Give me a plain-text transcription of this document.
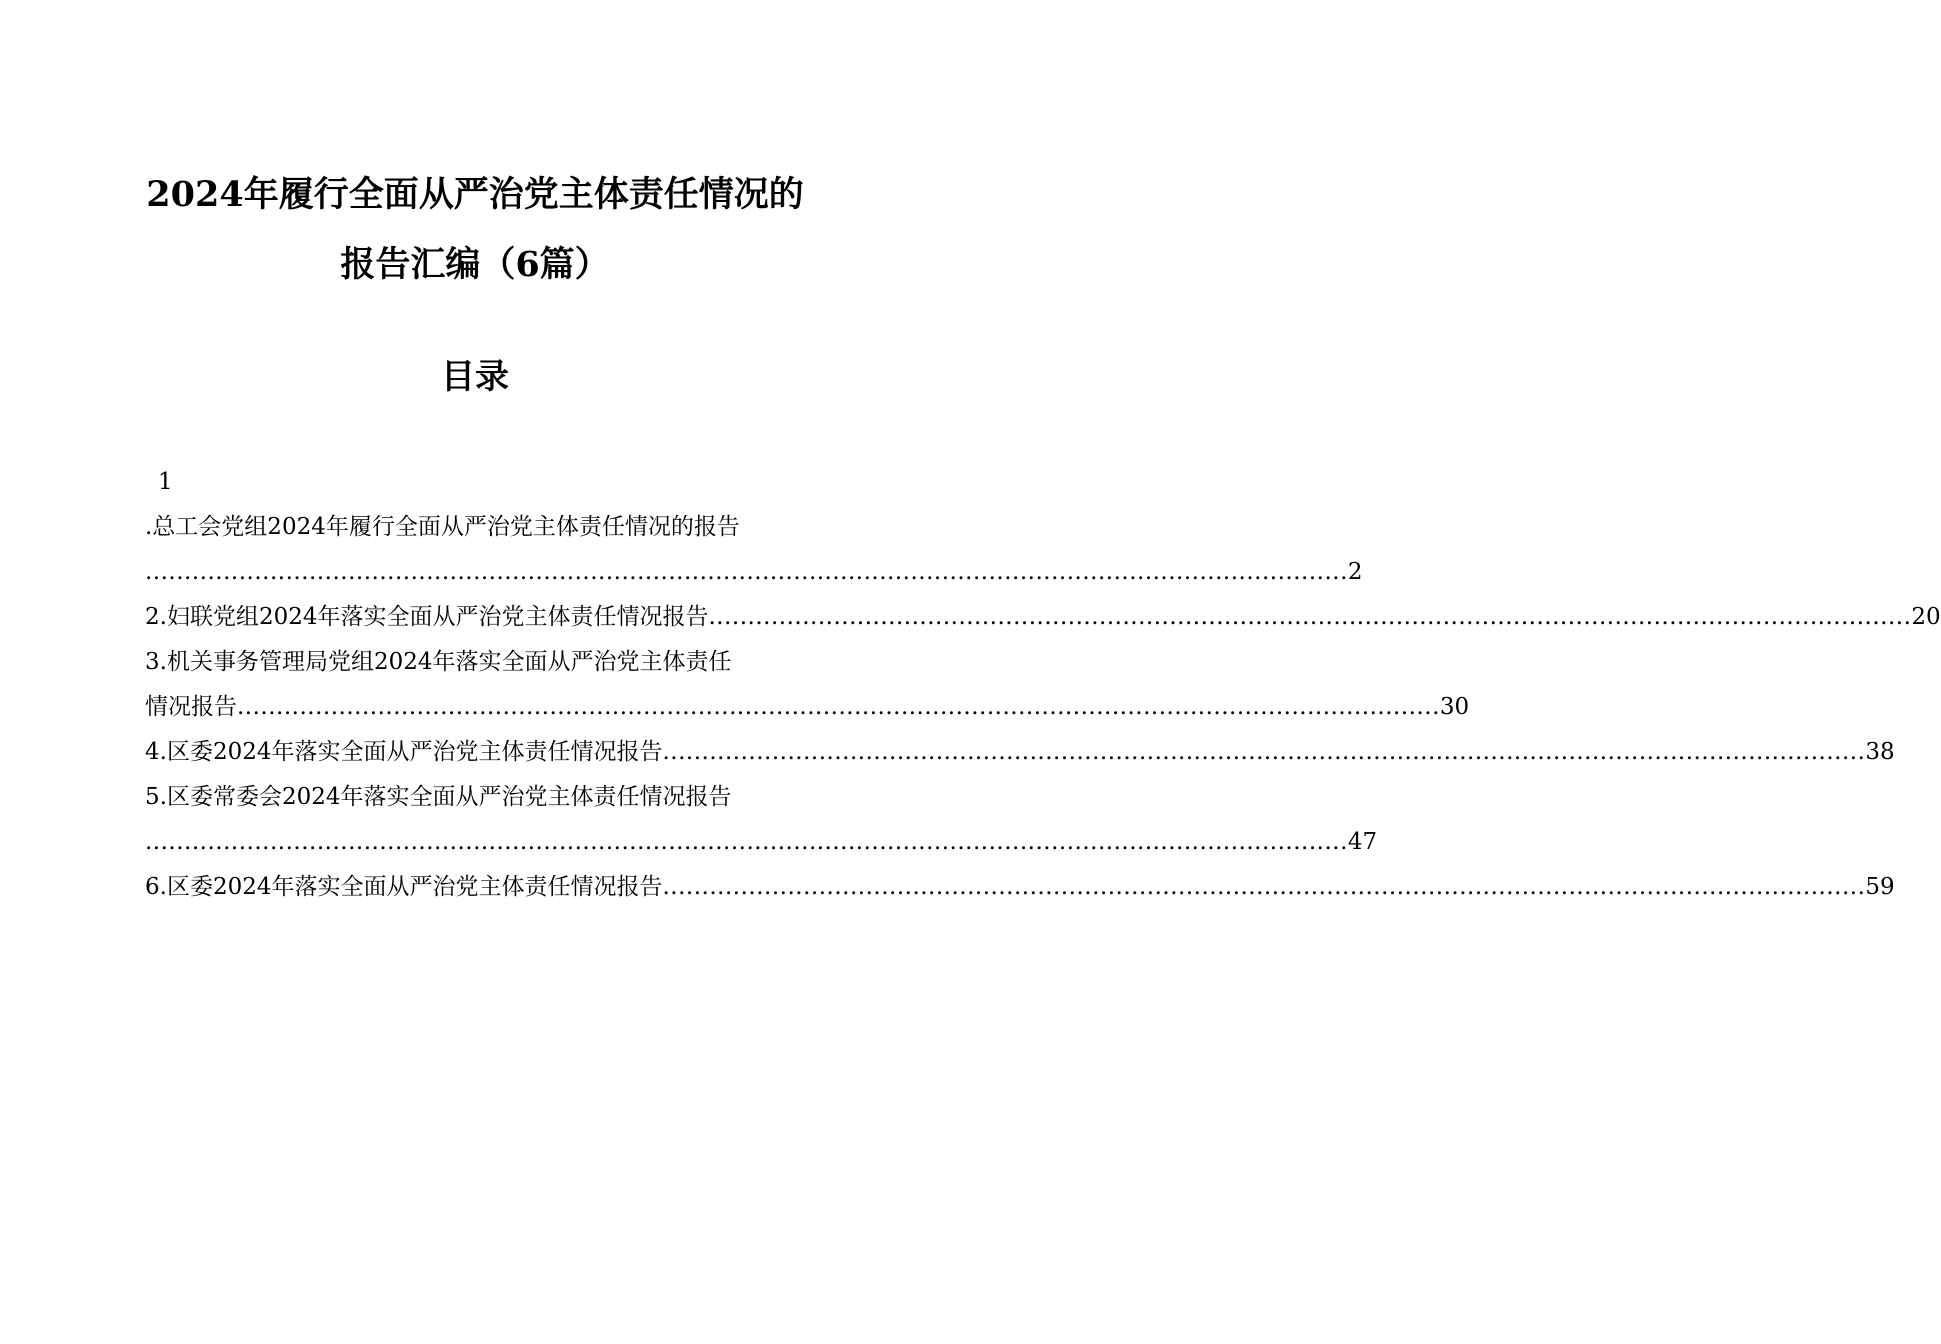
2024年履行全面从严治党主体责任情况的
报告汇编（6篇）
目录
1
.总工会党组2024年履行全面从严治党主体责任情况的报告
.......................................................................................................................................................... 2
2.妇联党组2024年落实全面从严治党主体责任情况报告 .......................................................................................................................................................... 20
3.机关事务管理局党组2024年落实全面从严治党主体责任
情况报告 .......................................................................................................................................................... 30
4.区委2024年落实全面从严治党主体责任情况报告 .......................................................................................................................................................... 38
5.区委常委会2024年落实全面从严治党主体责任情况报告
.......................................................................................................................................................... 47
6.区委2024年落实全面从严治党主体责任情况报告 .......................................................................................................................................................... 59
